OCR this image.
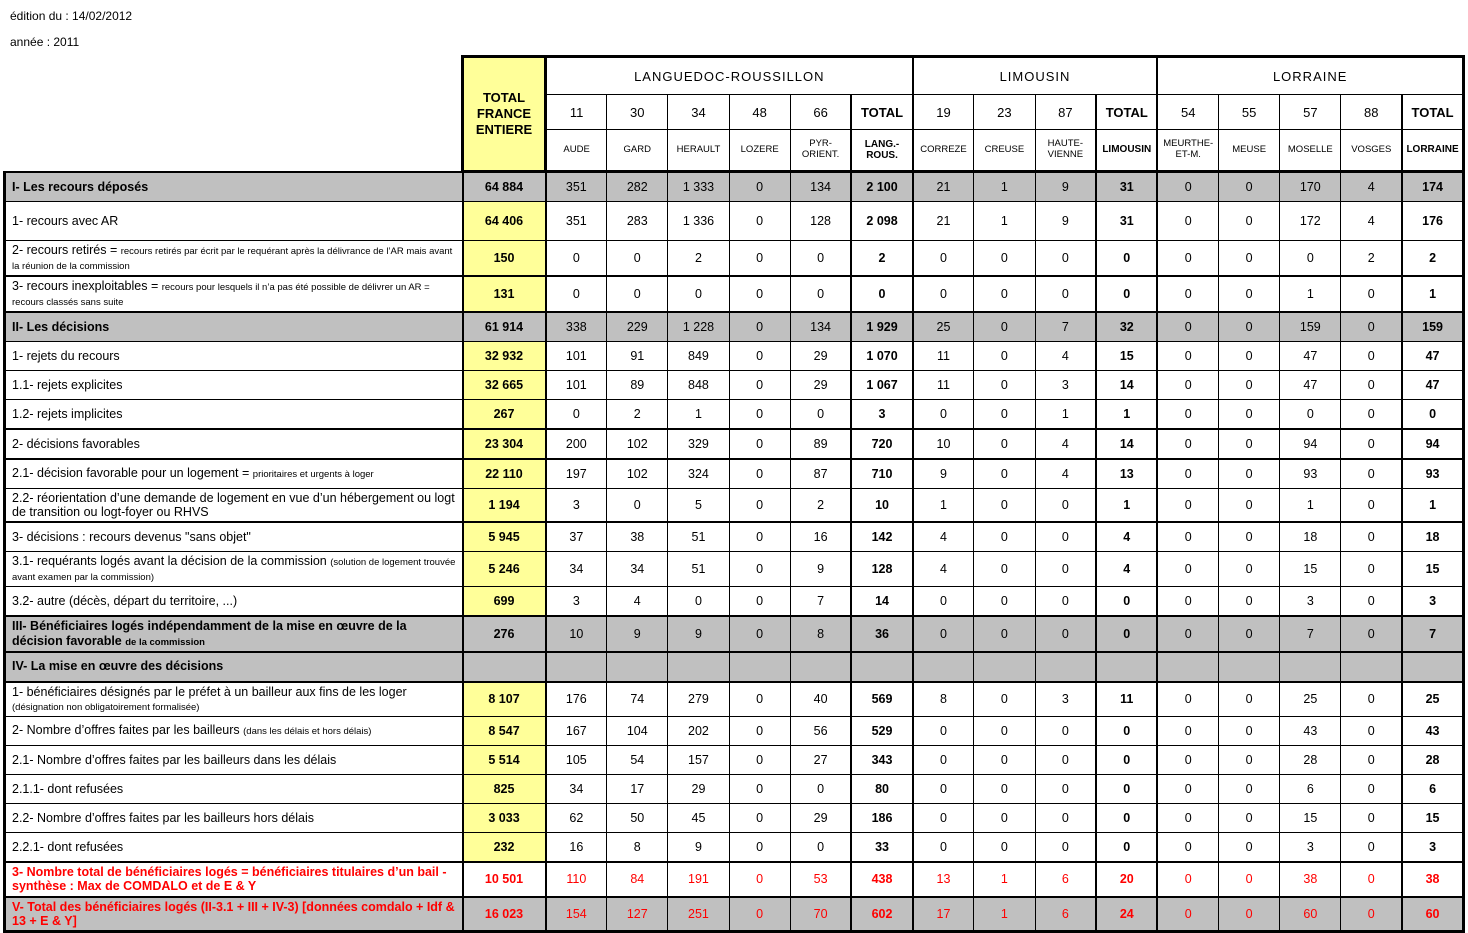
édition du : 14/02/2012
année : 2011
	TOTAL FRANCE ENTIERE	LANGUEDOC-ROUSSILLON						LIMOUSIN				LORRAINE				
		11	30	34	48	66	TOTAL	19	23	87	TOTAL	54	55	57	88	TOTAL
		AUDE	GARD	HERAULT	LOZERE	PYR-ORIENT.	LANG.-ROUS.	CORREZE	CREUSE	HAUTE-VIENNE	LIMOUSIN	MEURTHE-ET-M.	MEUSE	MOSELLE	VOSGES	LORRAINE
I- Les recours déposés	64 884	351	282	1 333	0	134	2 100	21	1	9	31	0	0	170	4	174
1- recours avec AR	64 406	351	283	1 336	0	128	2 098	21	1	9	31	0	0	172	4	176
2- recours retirés = recours retirés par écrit par le requérant après la délivrance de l’AR mais avant la réunion de la commission	150	0	0	2	0	0	2	0	0	0	0	0	0	0	2	2
3- recours inexploitables = recours pour lesquels il n’a pas été possible de délivrer un AR = recours classés sans suite	131	0	0	0	0	0	0	0	0	0	0	0	0	1	0	1
II- Les décisions	61 914	338	229	1 228	0	134	1 929	25	0	7	32	0	0	159	0	159
1- rejets du recours	32 932	101	91	849	0	29	1 070	11	0	4	15	0	0	47	0	47
1.1- rejets explicites	32 665	101	89	848	0	29	1 067	11	0	3	14	0	0	47	0	47
1.2- rejets implicites	267	0	2	1	0	0	3	0	0	1	1	0	0	0	0	0
2- décisions favorables	23 304	200	102	329	0	89	720	10	0	4	14	0	0	94	0	94
2.1- décision favorable pour un logement = prioritaires et urgents à loger	22 110	197	102	324	0	87	710	9	0	4	13	0	0	93	0	93
2.2- réorientation d’une demande de logement en vue d’un hébergement ou logt de transition ou logt-foyer ou RHVS	1 194	3	0	5	0	2	10	1	0	0	1	0	0	1	0	1
3- décisions : recours devenus "sans objet"	5 945	37	38	51	0	16	142	4	0	0	4	0	0	18	0	18
3.1- requérants logés avant la décision de la commission (solution de logement trouvée avant examen par la commission)	5 246	34	34	51	0	9	128	4	0	0	4	0	0	15	0	15
3.2- autre (décès, départ du territoire, ...)	699	3	4	0	0	7	14	0	0	0	0	0	0	3	0	3
III- Bénéficiaires logés indépendamment de la mise en œuvre de la décision favorable de la commission	276	10	9	9	0	8	36	0	0	0	0	0	0	7	0	7
IV- La mise en œuvre des décisions																
1- bénéficiaires désignés par le préfet à un bailleur aux fins de les loger (désignation non obligatoirement formalisée)	8 107	176	74	279	0	40	569	8	0	3	11	0	0	25	0	25
2- Nombre d’offres faites par les bailleurs (dans les délais et hors délais)	8 547	167	104	202	0	56	529	0	0	0	0	0	0	43	0	43
2.1- Nombre d’offres faites par les bailleurs dans les délais	5 514	105	54	157	0	27	343	0	0	0	0	0	0	28	0	28
2.1.1- dont refusées	825	34	17	29	0	0	80	0	0	0	0	0	0	6	0	6
2.2- Nombre d’offres faites par les bailleurs hors délais	3 033	62	50	45	0	29	186	0	0	0	0	0	0	15	0	15
2.2.1- dont refusées	232	16	8	9	0	0	33	0	0	0	0	0	0	3	0	3
3- Nombre total de bénéficiaires logés = bénéficiaires titulaires d’un bail - synthèse : Max de COMDALO et de E & Y	10 501	110	84	191	0	53	438	13	1	6	20	0	0	38	0	38
V- Total des bénéficiaires logés (II-3.1 + III + IV-3) [données comdalo + Idf & 13 + E & Y]	16 023	154	127	251	0	70	602	17	1	6	24	0	0	60	0	60
